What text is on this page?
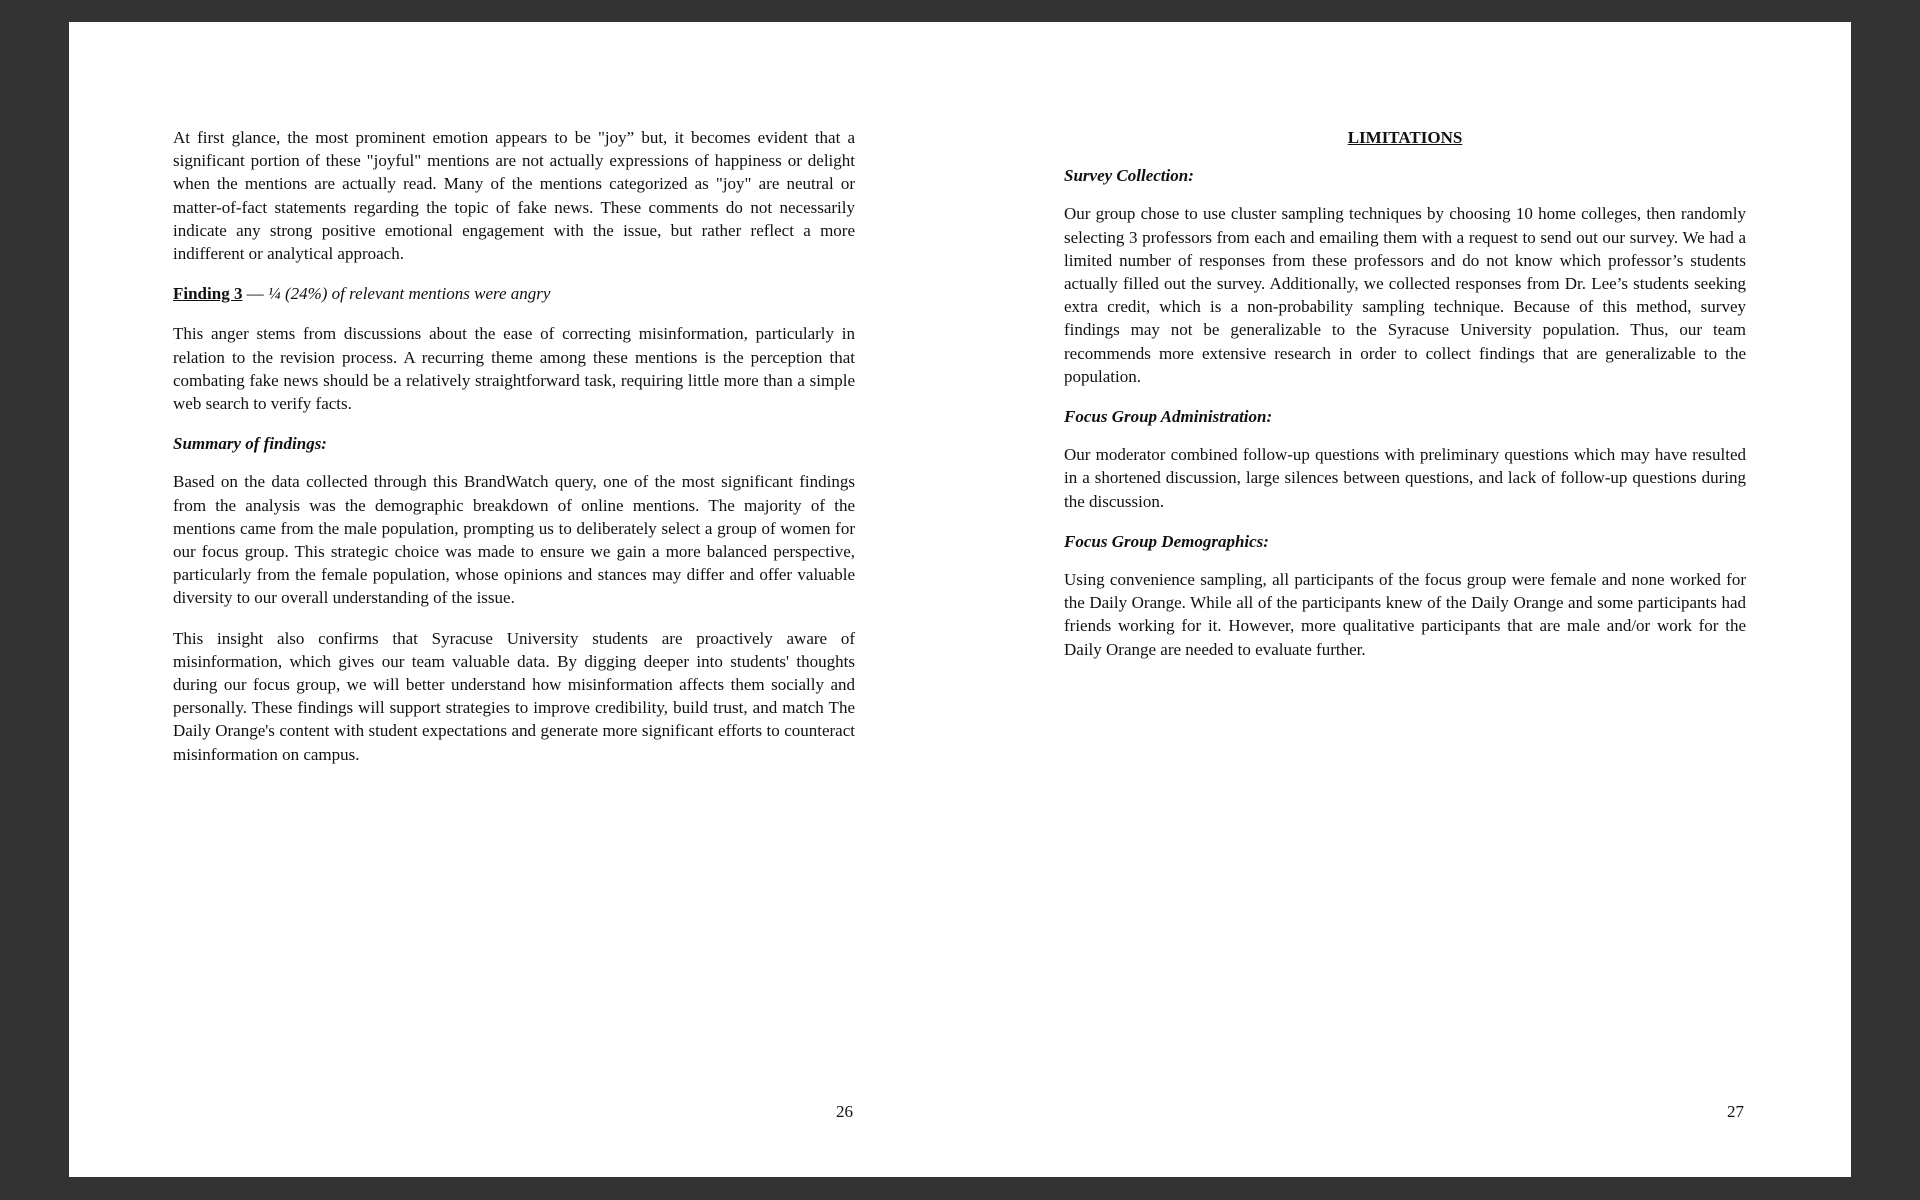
At first glance, the most prominent emotion appears to be "joy” but, it becomes evident that a significant portion of these "joyful" mentions are not actually expressions of happiness or delight when the mentions are actually read. Many of the mentions categorized as "joy" are neutral or matter-of-fact statements regarding the topic of fake news. These comments do not necessarily indicate any strong positive emotional engagement with the issue, but rather reflect a more indifferent or analytical approach.

Finding 3 — ¼ (24%) of relevant mentions were angry

This anger stems from discussions about the ease of correcting misinformation, particularly in relation to the revision process. A recurring theme among these mentions is the perception that combating fake news should be a relatively straightforward task, requiring little more than a simple web search to verify facts.

Summary of findings:

Based on the data collected through this BrandWatch query, one of the most significant findings from the analysis was the demographic breakdown of online mentions. The majority of the mentions came from the male population, prompting us to deliberately select a group of women for our focus group. This strategic choice was made to ensure we gain a more balanced perspective, particularly from the female population, whose opinions and stances may differ and offer valuable diversity to our overall understanding of the issue.

This insight also confirms that Syracuse University students are proactively aware of misinformation, which gives our team valuable data. By digging deeper into students' thoughts during our focus group, we will better understand how misinformation affects them socially and personally. These findings will support strategies to improve credibility, build trust, and match The Daily Orange's content with student expectations and generate more significant efforts to counteract misinformation on campus.

26

LIMITATIONS

Survey Collection:

Our group chose to use cluster sampling techniques by choosing 10 home colleges, then randomly selecting 3 professors from each and emailing them with a request to send out our survey. We had a limited number of responses from these professors and do not know which professor’s students actually filled out the survey. Additionally, we collected responses from Dr. Lee’s students seeking extra credit, which is a non-probability sampling technique. Because of this method, survey findings may not be generalizable to the Syracuse University population. Thus, our team recommends more extensive research in order to collect findings that are generalizable to the population.

Focus Group Administration:

Our moderator combined follow-up questions with preliminary questions which may have resulted in a shortened discussion, large silences between questions, and lack of follow-up questions during the discussion.

Focus Group Demographics:

Using convenience sampling, all participants of the focus group were female and none worked for the Daily Orange. While all of the participants knew of the Daily Orange and some participants had friends working for it. However, more qualitative participants that are male and/or work for the Daily Orange are needed to evaluate further.

27
